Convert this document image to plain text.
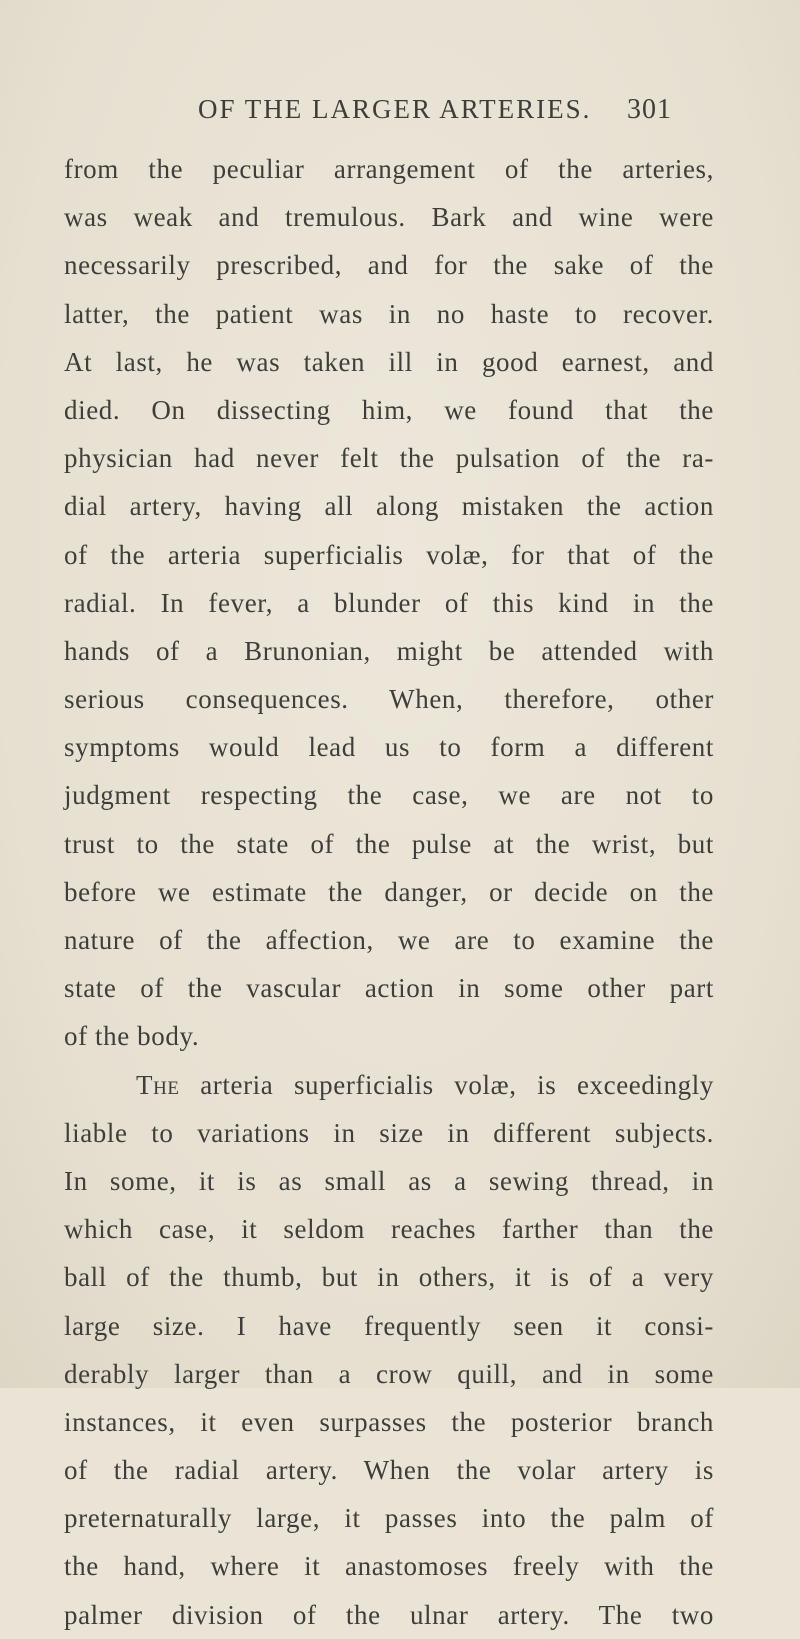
OF THE LARGER ARTERIES. 301
from the peculiar arrangement of the arteries,
was weak and tremulous. Bark and wine were
necessarily prescribed, and for the sake of the
latter, the patient was in no haste to recover.
At last, he was taken ill in good earnest, and
died. On dissecting him, we found that the
physician had never felt the pulsation of the ra-
dial artery, having all along mistaken the action
of the arteria superficialis volæ, for that of the
radial. In fever, a blunder of this kind in the
hands of a Brunonian, might be attended with
serious consequences. When, therefore, other
symptoms would lead us to form a different
judgment respecting the case, we are not to
trust to the state of the pulse at the wrist, but
before we estimate the danger, or decide on the
nature of the affection, we are to examine the
state of the vascular action in some other part
of the body.
The arteria superficialis volæ, is exceedingly
liable to variations in size in different subjects.
In some, it is as small as a sewing thread, in
which case, it seldom reaches farther than the
ball of the thumb, but in others, it is of a very
large size. I have frequently seen it consi-
derably larger than a crow quill, and in some
instances, it even surpasses the posterior branch
of the radial artery. When the volar artery is
preternaturally large, it passes into the palm of
the hand, where it anastomoses freely with the
palmer division of the ulnar artery. The two
